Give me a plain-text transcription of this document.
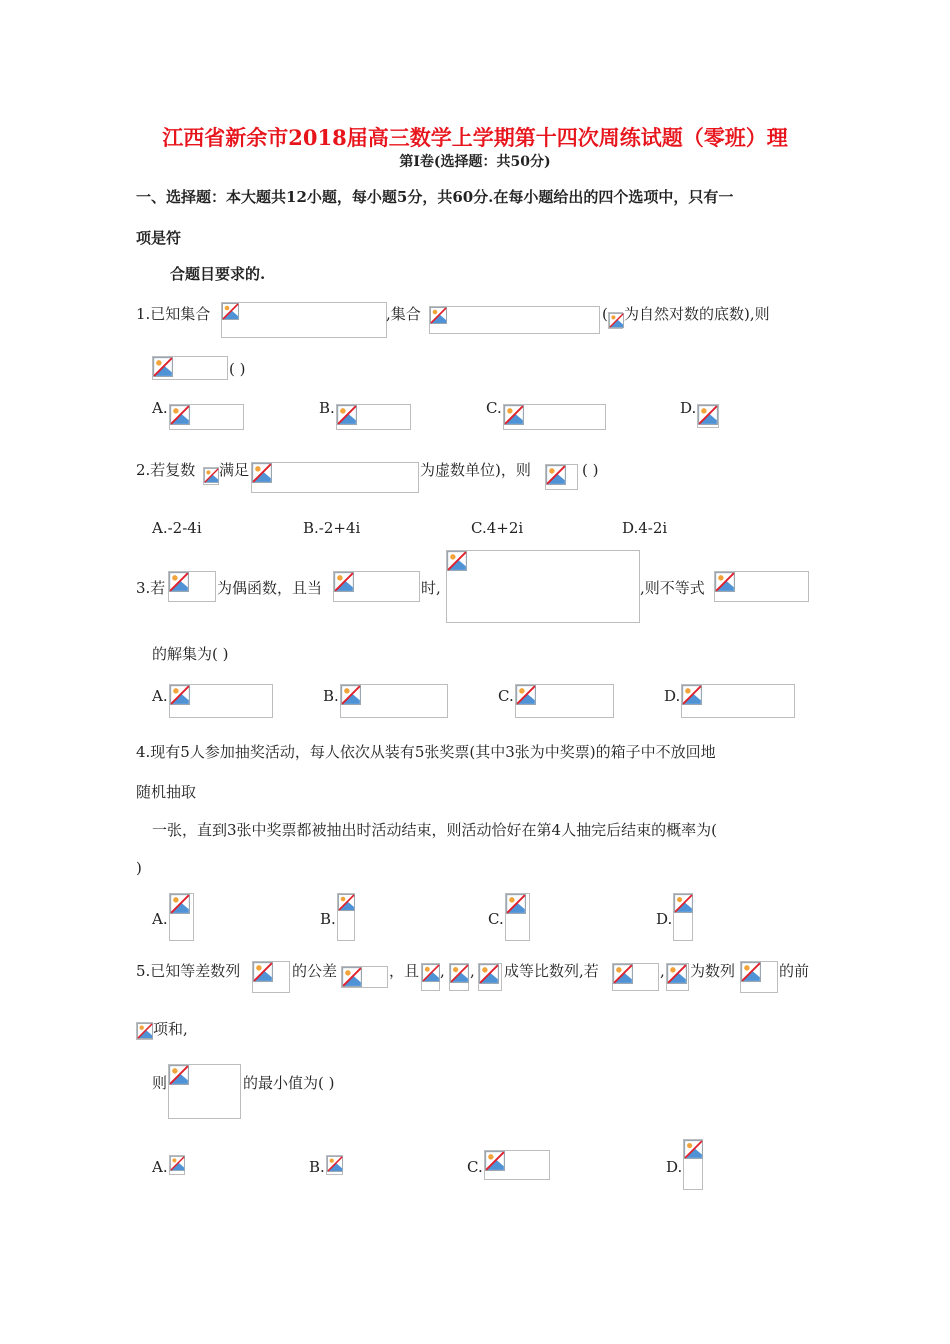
江西省新余市2018届高三数学上学期第十四次周练试题（零班）理
第I卷(选择题：共50分)
一、选择题：本大题共12小题，每小题5分，共60分.在每小题给出的四个选项中，只有一
项是符
合题目要求的.
1.已知集合	,集合	( 为自然对数的底数),则
( )
A.	B.	C.	D.
2.若复数 满足	为虚数单位)，则	( )
A.-2-4i	B.-2+4i	C.4+2i	D.4-2i
3.若	为偶函数，且当	时,	,则不等式
的解集为( )
A.	B.	C.	D.
4.现有5人参加抽奖活动，每人依次从装有5张奖票(其中3张为中奖票)的箱子中不放回地
随机抽取
一张，直到3张中奖票都被抽出时活动结束，则活动恰好在第4人抽完后结束的概率为(
)
A.	B.	C.	D.
5.已知等差数列	的公差	，且 , , 成等比数列,若	, 为数列	的前
项和,
则	的最小值为( )
A.	B.	C.	D.
